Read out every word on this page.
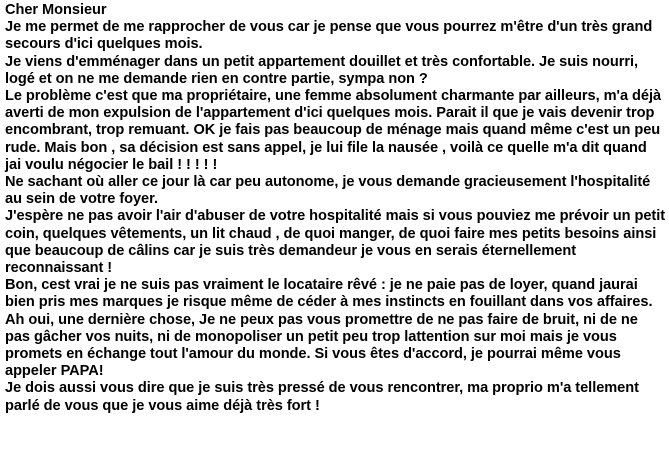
Cher Monsieur

Je me permet de me rapprocher de vous car je pense que vous pourrez m'être d'un très grand secours d'ici quelques mois.

Je viens d'emménager dans un petit appartement douillet et très confortable. Je suis nourri, logé et on ne me demande rien en contre partie, sympa non ?

Le problème c'est que ma propriétaire, une femme absolument charmante par ailleurs, m'a déjà averti de mon expulsion de l'appartement d'ici quelques mois. Parait il que je vais devenir trop encombrant, trop remuant. OK je fais pas beaucoup de ménage mais quand même c'est un peu rude. Mais bon , sa décision est sans appel, je lui file la nausée , voilà ce quelle m'a dit quand jai voulu négocier le bail ! ! ! ! !

Ne sachant où aller ce jour là car peu autonome, je vous demande gracieusement l'hospitalité au sein de votre foyer.

J'espère ne pas avoir l'air d'abuser de votre hospitalité mais si vous pouviez me prévoir un petit coin, quelques vêtements, un lit chaud , de quoi manger, de quoi faire mes petits besoins ainsi que beaucoup de câlins car je suis très demandeur je vous en serais éternellement reconnaissant !

Bon, cest vrai je ne suis pas vraiment le locataire rêvé : je ne paie pas de loyer, quand jaurai bien pris mes marques je risque même de céder à mes instincts en fouillant dans vos affaires.

Ah oui, une dernière chose, Je ne peux pas vous promettre de ne pas faire de bruit, ni de ne pas gâcher vos nuits, ni de monopoliser un petit peu trop lattention sur moi mais je vous promets en échange tout l'amour du monde. Si vous êtes d'accord, je pourrai même vous appeler PAPA!

Je dois aussi vous dire que je suis très pressé de vous rencontrer, ma proprio m'a tellement parlé de vous que je vous aime déjà très fort !
